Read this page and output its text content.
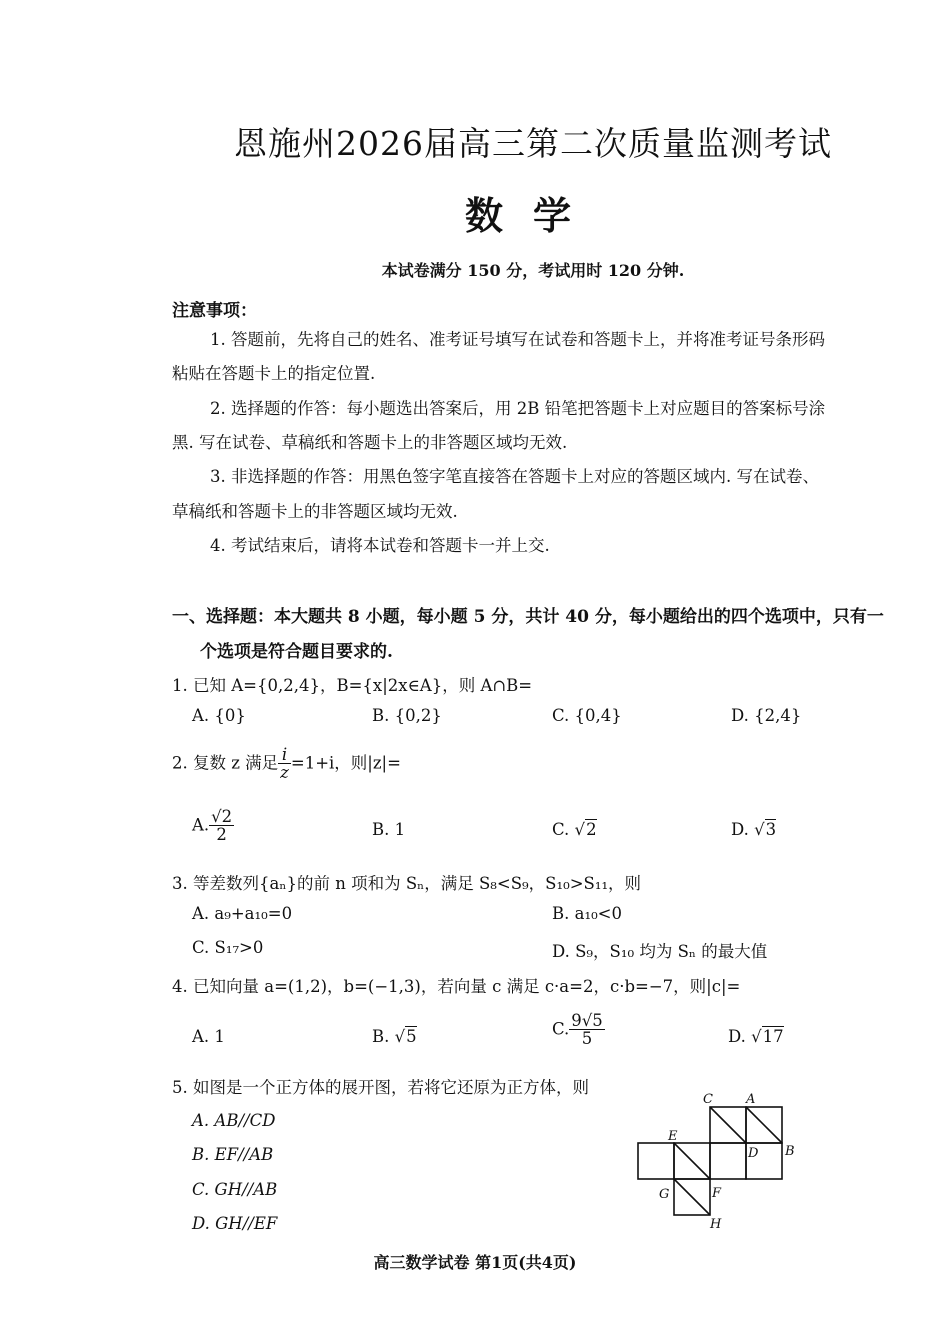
恩施州2026届高三第二次质量监测考试
数学
本试卷满分 150 分，考试用时 120 分钟.
注意事项：
1. 答题前，先将自己的姓名、准考证号填写在试卷和答题卡上，并将准考证号条形码
粘贴在答题卡上的指定位置.
2. 选择题的作答：每小题选出答案后，用 2B 铅笔把答题卡上对应题目的答案标号涂
黑. 写在试卷、草稿纸和答题卡上的非答题区域均无效.
3. 非选择题的作答：用黑色签字笔直接答在答题卡上对应的答题区域内. 写在试卷、
草稿纸和答题卡上的非答题区域均无效.
4. 考试结束后，请将本试卷和答题卡一并上交.
一、选择题：本大题共 8 小题，每小题 5 分，共计 40 分，每小题给出的四个选项中，只有一
个选项是符合题目要求的.
1. 已知 A={0,2,4}，B={x|2x∈A}，则 A∩B=
A. {0}	B. {0,2}	C. {0,4}	D. {2,4}
2. 复数 z 满足 $\frac{i}{z} =1+i$，则|z|=
A. $\frac{√2}{2}$	B. 1	C. √2	D. √3
3. 等差数列{aₙ}的前 n 项和为 Sₙ，满足 S₈<S₉，S₁₀>S₁₁，则
A. a₉+a₁₀=0	B. a₁₀<0
C. S₁₇>0	D. S₉，S₁₀ 均为 Sₙ 的最大值
4. 已知向量 a=(1,2)，b=(−1,3)，若向量 c 满足 c·a=2，c·b=−7，则|c|=
A. 1	B. √5	C. $\frac{9√5}{5}$	D. √17
5. 如图是一个正方体的展开图，若将它还原为正方体，则
A. AB//CD
B. EF//AB
C. GH//AB
D. GH//EF
C	A
E
D B
G	F
H
高三数学试卷 第1页(共4页)
